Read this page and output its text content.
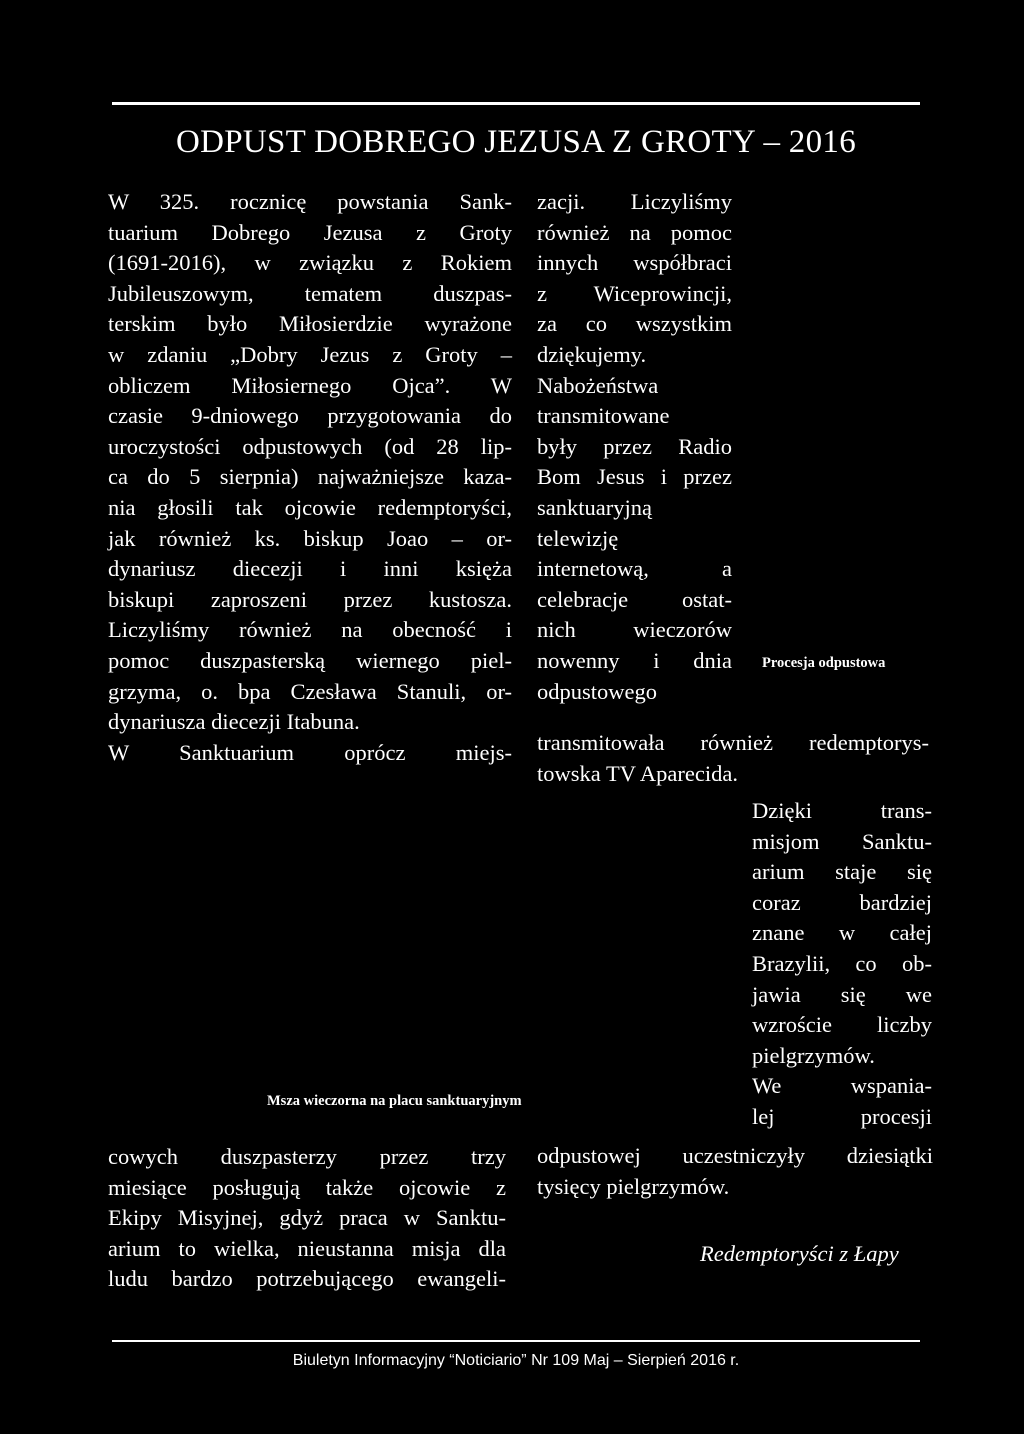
ODPUST DOBREGO JEZUSA Z GROTY – 2016
W 325. rocznicę powstania Sank-
tuarium Dobrego Jezusa z Groty
(1691-2016), w związku z Rokiem
Jubileuszowym, tematem duszpas-
terskim było Miłosierdzie wyrażone
w zdaniu „Dobry Jezus z Groty –
obliczem Miłosiernego Ojca”. W
czasie 9-dniowego przygotowania do
uroczystości odpustowych (od 28 lip-
ca do 5 sierpnia) najważniejsze kaza-
nia głosili tak ojcowie redemptoryści,
jak również ks. biskup Joao – or-
dynariusz diecezji i inni księża
biskupi zaproszeni przez kustosza.
Liczyliśmy również na obecność i
pomoc duszpasterską wiernego piel-
grzyma, o. bpa Czesława Stanuli, or-
dynariusza diecezji Itabuna.
W Sanktuarium oprócz miejs-
zacji. Liczyliśmy
również na pomoc
innych współbraci
z Wiceprowincji,
za co wszystkim
dziękujemy.
Nabożeństwa
transmitowane
były przez Radio
Bom Jesus i przez
sanktuaryjną
telewizję
internetową, a
celebracje ostat-
nich wieczorów
nowenny i dnia
odpustowego
transmitowała również redemptorys-
towska TV Aparecida.
Dzięki trans-
misjom Sanktu-
arium staje się
coraz bardziej
znane w całej
Brazylii, co ob-
jawia się we
wzroście liczby
pielgrzymów.
We wspania-
lej procesji
Procesja odpustowa
Msza wieczorna na placu sanktuaryjnym
cowych duszpasterzy przez trzy
miesiące posługują także ojcowie z
Ekipy Misyjnej, gdyż praca w Sanktu-
arium to wielka, nieustanna misja dla
ludu bardzo potrzebującego ewangeli-
odpustowej uczestniczyły dziesiątki
tysięcy pielgrzymów.
Redemptoryści z Łapy
Biuletyn Informacyjny “Noticiario” Nr 109 Maj – Sierpień 2016 r.
